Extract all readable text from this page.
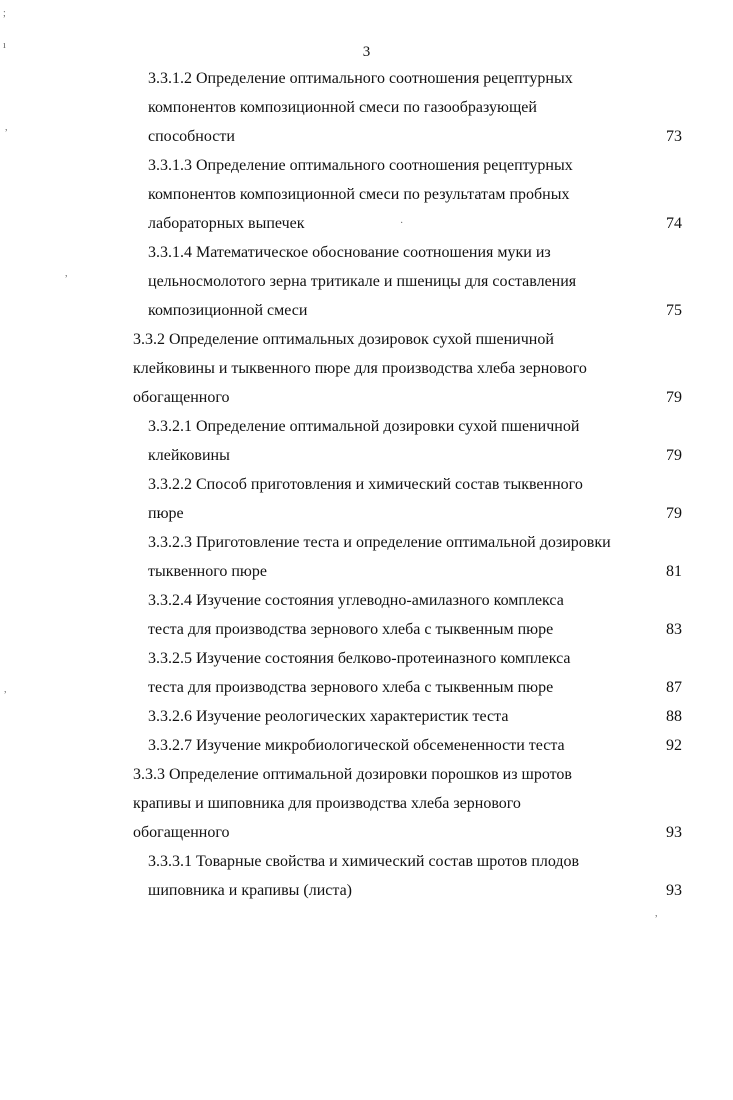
3
3.3.1.2 Определение оптимального соотношения рецептурных
компонентов композиционной смеси по газообразующей
способности	73
3.3.1.3 Определение оптимального соотношения рецептурных
компонентов композиционной смеси по результатам пробных
лабораторных выпечек	74
3.3.1.4 Математическое обоснование соотношения муки из
цельносмолотого зерна тритикале и пшеницы для составления
композиционной смеси	75
3.3.2 Определение оптимальных дозировок сухой пшеничной
клейковины и тыквенного пюре для производства хлеба зернового
обогащенного	79
3.3.2.1 Определение оптимальной дозировки сухой пшеничной
клейковины	79
3.3.2.2 Способ приготовления и химический состав тыквенного
пюре	79
3.3.2.3 Приготовление теста и определение оптимальной дозировки
тыквенного пюре	81
3.3.2.4 Изучение состояния углеводно-амилазного комплекса
теста для производства зернового хлеба с тыквенным пюре	83
3.3.2.5 Изучение состояния белково-протеиназного комплекса
теста для производства зернового хлеба с тыквенным пюре	87
3.3.2.6 Изучение реологических характеристик теста	88
3.3.2.7 Изучение микробиологической обсемененности теста	92
3.3.3 Определение оптимальной дозировки порошков из шротов
крапивы и шиповника для производства хлеба зернового
обогащенного	93
3.3.3.1 Товарные свойства и химический состав шротов плодов
шиповника и крапивы (листа)	93
;
ı
,
,
,
·
,
